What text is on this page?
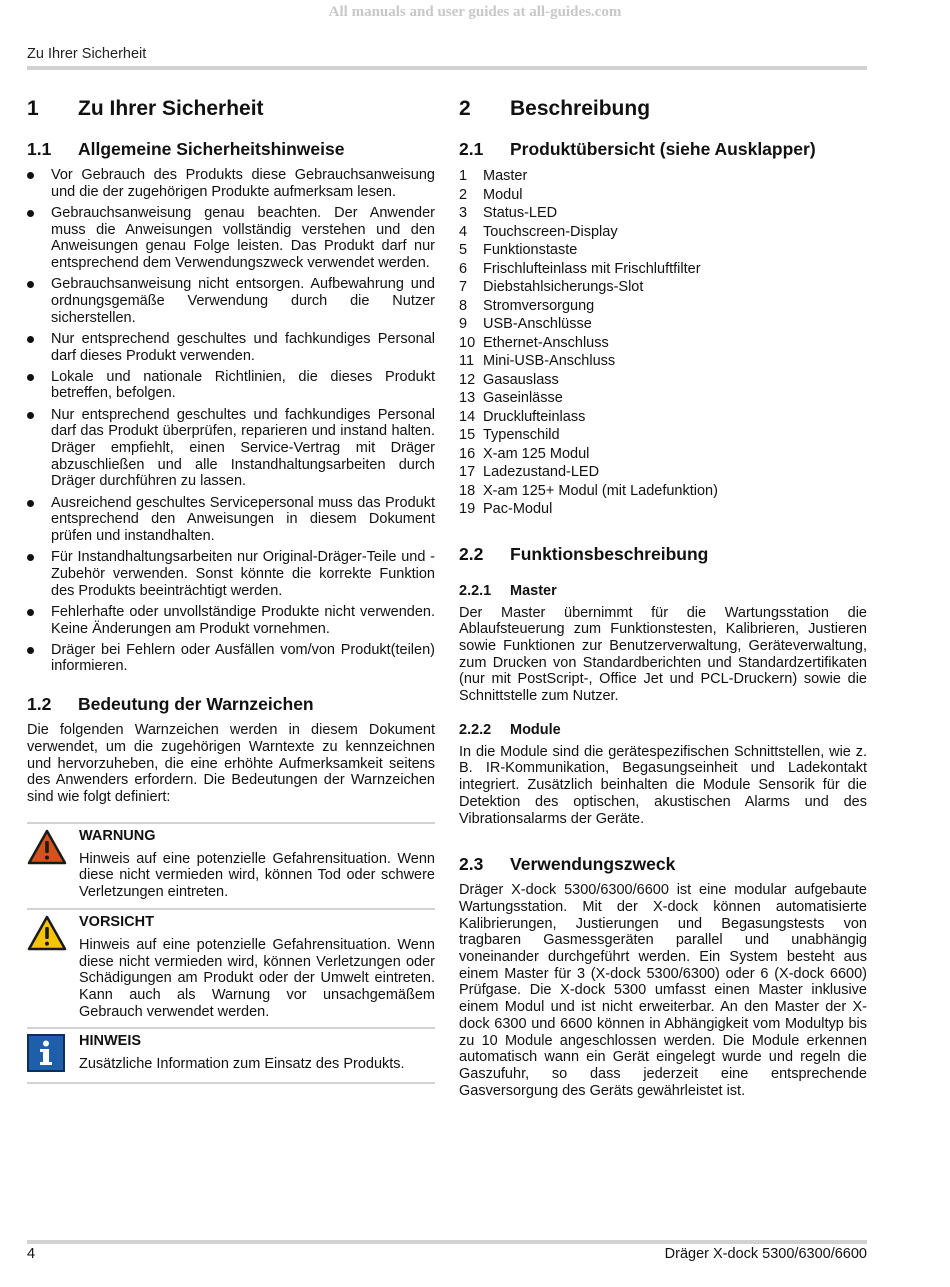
All manuals and user guides at all-guides.com
Zu Ihrer Sicherheit
1	Zu Ihrer Sicherheit
1.1	Allgemeine Sicherheitshinweise
Vor Gebrauch des Produkts diese Gebrauchsanweisung und die der zugehörigen Produkte aufmerksam lesen.
Gebrauchsanweisung genau beachten. Der Anwender muss die Anweisungen vollständig verstehen und den Anweisungen genau Folge leisten. Das Produkt darf nur entsprechend dem Verwendungszweck verwendet werden.
Gebrauchsanweisung nicht entsorgen. Aufbewahrung und ordnungsgemäße Verwendung durch die Nutzer sicherstellen.
Nur entsprechend geschultes und fachkundiges Personal darf dieses Produkt verwenden.
Lokale und nationale Richtlinien, die dieses Produkt betreffen, befolgen.
Nur entsprechend geschultes und fachkundiges Personal darf das Produkt überprüfen, reparieren und instand halten. Dräger empfiehlt, einen Service-Vertrag mit Dräger abzuschließen und alle Instandhaltungsarbeiten durch Dräger durchführen zu lassen.
Ausreichend geschultes Servicepersonal muss das Produkt entsprechend den Anweisungen in diesem Dokument prüfen und instandhalten.
Für Instandhaltungsarbeiten nur Original-Dräger-Teile und -Zubehör verwenden. Sonst könnte die korrekte Funktion des Produkts beeinträchtigt werden.
Fehlerhafte oder unvollständige Produkte nicht verwenden. Keine Änderungen am Produkt vornehmen.
Dräger bei Fehlern oder Ausfällen vom/von Produkt(teilen) informieren.
1.2	Bedeutung der Warnzeichen

Die folgenden Warnzeichen werden in diesem Dokument verwendet, um die zugehörigen Warntexte zu kennzeichnen und hervorzuheben, die eine erhöhte Aufmerksamkeit seitens des Anwenders erfordern. Die Bedeutungen der Warnzeichen sind wie folgt definiert:

WARNUNG
Hinweis auf eine potenzielle Gefahrensituation. Wenn diese nicht vermieden wird, können Tod oder schwere Verletzungen eintreten.
VORSICHT
Hinweis auf eine potenzielle Gefahrensituation. Wenn diese nicht vermieden wird, können Verletzungen oder Schädigungen am Produkt oder der Umwelt eintreten. Kann auch als Warnung vor unsachgemäßem Gebrauch verwendet werden.
HINWEIS
Zusätzliche Information zum Einsatz des Produkts.
2	Beschreibung
2.1	Produktübersicht (siehe Ausklapper)
1	Master
2	Modul
3	Status-LED
4	Touchscreen-Display
5	Funktionstaste
6	Frischlufteinlass mit Frischluftfilter
7	Diebstahlsicherungs-Slot
8	Stromversorgung
9	USB-Anschlüsse
10 Ethernet-Anschluss
11 Mini-USB-Anschluss
12 Gasauslass
13 Gaseinlässe
14 Drucklufteinlass
15 Typenschild
16 X-am 125 Modul
17 Ladezustand-LED
18 X-am 125+ Modul (mit Ladefunktion)
19 Pac-Modul
2.2	Funktionsbeschreibung
2.2.1	Master

Der Master übernimmt für die Wartungsstation die Ablaufsteuerung zum Funktionstesten, Kalibrieren, Justieren sowie Funktionen zur Benutzerverwaltung, Geräteverwaltung, zum Drucken von Standardberichten und Standardzertifikaten (nur mit PostScript-, Office Jet und PCL-Druckern) sowie die Schnittstelle zum Nutzer.

2.2.2	Module

In die Module sind die gerätespezifischen Schnittstellen, wie z. B. IR-Kommunikation, Begasungseinheit und Ladekontakt integriert. Zusätzlich beinhalten die Module Sensorik für die Detektion des optischen, akustischen Alarms und des Vibrationsalarms der Geräte.

2.3	Verwendungszweck

Dräger X-dock 5300/6300/6600 ist eine modular aufgebaute Wartungsstation. Mit der X-dock können automatisierte Kalibrierungen, Justierungen und Begasungstests von tragbaren Gasmessgeräten parallel und unabhängig voneinander durchgeführt werden. Ein System besteht aus einem Master für 3 (X-dock 5300/6300) oder 6 (X-dock 6600) Prüfgase. Die X-dock 5300 umfasst einen Master inklusive einem Modul und ist nicht erweiterbar. An den Master der X-dock 6300 und 6600 können in Abhängigkeit vom Modultyp bis zu 10 Module angeschlossen werden. Die Module erkennen automatisch wann ein Gerät eingelegt wurde und regeln die Gaszufuhr, so dass jederzeit eine entsprechende Gasversorgung des Geräts gewährleistet ist.

4	Dräger X-dock 5300/6300/6600
